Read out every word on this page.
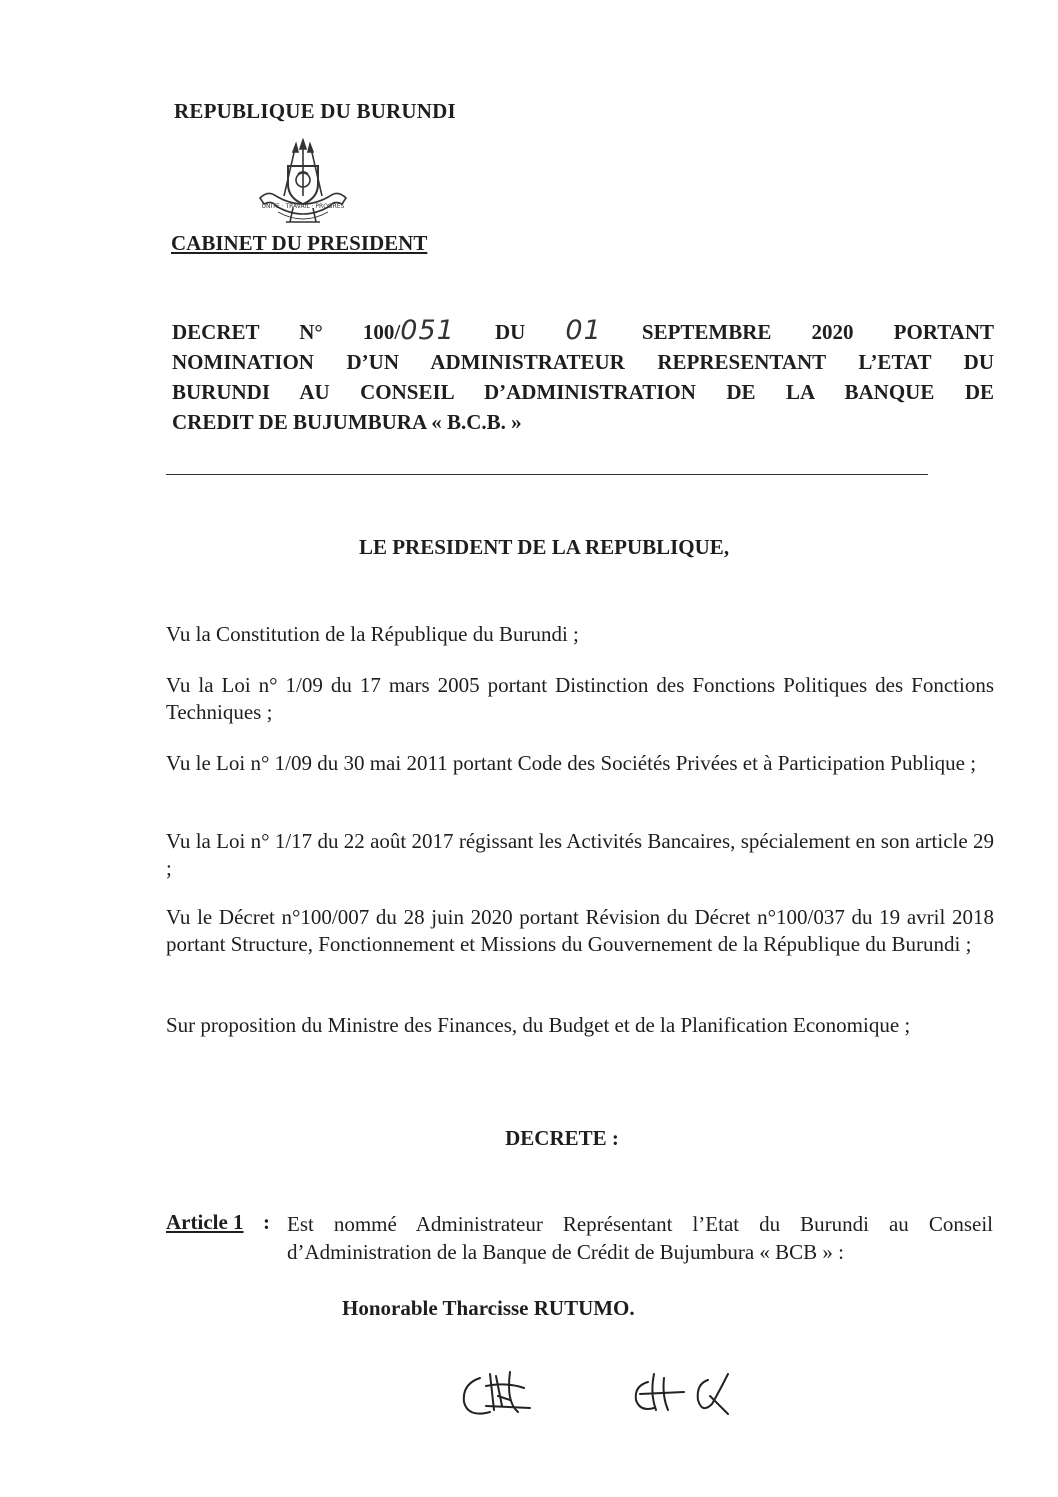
REPUBLIQUE DU BURUNDI
UNITE · TRAVAIL · PROGRES
CABINET DU PRESIDENT
DECRET N° 100/051 DU 01 SEPTEMBRE 2020 PORTANT
NOMINATION D’UN ADMINISTRATEUR REPRESENTANT L’ETAT DU
BURUNDI AU CONSEIL D’ADMINISTRATION DE LA BANQUE DE
CREDIT DE BUJUMBURA « B.C.B. »
LE PRESIDENT DE LA REPUBLIQUE,
Vu la Constitution de la République du Burundi ;
Vu la Loi n° 1/09 du 17 mars 2005 portant Distinction des Fonctions Politiques des Fonctions Techniques ;
Vu le Loi n° 1/09 du 30 mai 2011 portant Code des Sociétés Privées et à Participation Publique ;
Vu la Loi n° 1/17 du 22 août 2017 régissant les Activités Bancaires, spécialement en son article 29 ;
Vu le Décret n°100/007 du 28 juin 2020 portant Révision du Décret n°100/037 du 19 avril 2018 portant Structure, Fonctionnement et Missions du Gouvernement de la République du Burundi ;
Sur proposition du Ministre des Finances, du Budget et de la Planification Economique ;
DECRETE :
Article 1 : Est nommé Administrateur Représentant l’Etat du Burundi au Conseil d’Administration de la Banque de Crédit de Bujumbura « BCB » :
Honorable Tharcisse RUTUMO.
